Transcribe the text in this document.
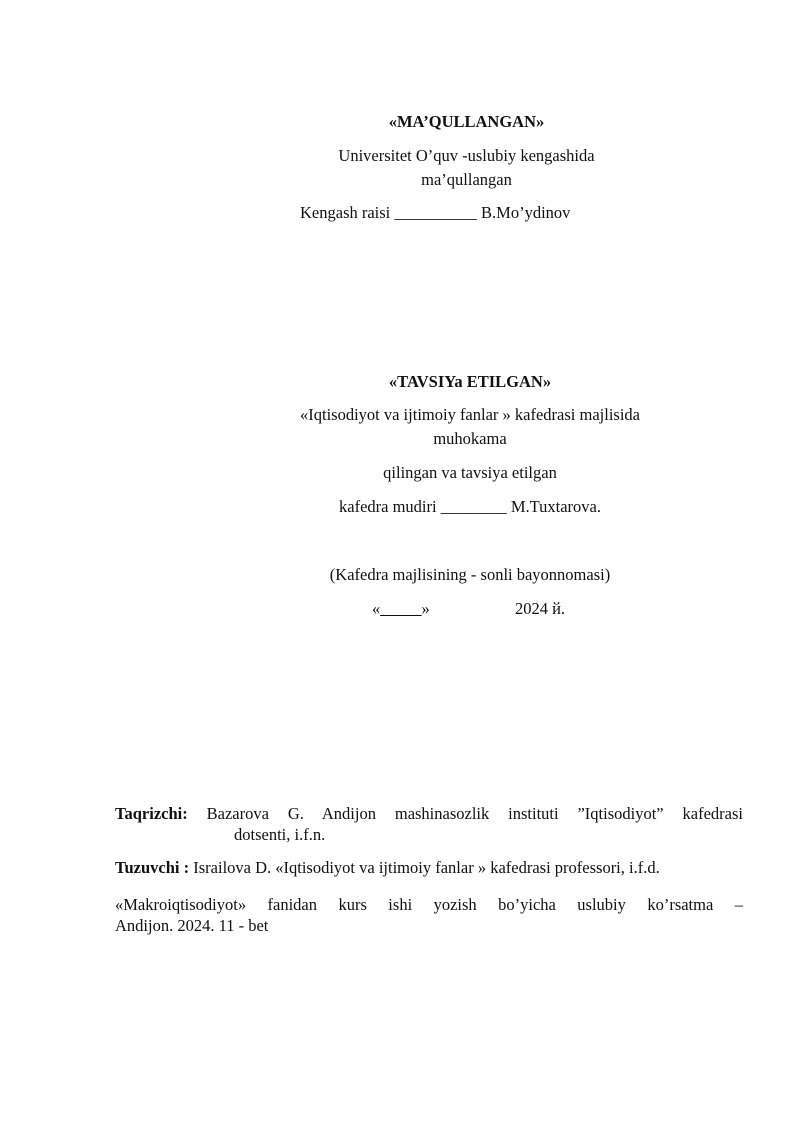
«MA’QULLANGAN»
Universitet O’quv -uslubiy kengashida
ma’qullangan
Kengash raisi __________ B.Mo’ydinov
«TAVSIYa ETILGAN»
«Iqtisodiyot va ijtimoiy fanlar » kafedrasi majlisida
muhokama
qilingan va tavsiya etilgan
kafedra mudiri ________ M.Tuxtarova.
(Kafedra majlisining - sonli bayonnomasi)
«_____»	2024 й.
Taqrizchi: Bazarova G. Andijon mashinasozlik instituti ”Iqtisodiyot” kafedrasi
dotsenti, i.f.n.
Tuzuvchi : Israilova D. «Iqtisodiyot va ijtimoiy fanlar » kafedrasi professori, i.f.d.
«Makroiqtisodiyot» fanidan kurs ishi yozish bo’yicha uslubiy ko’rsatma –
Andijon. 2024. 11 - bet
